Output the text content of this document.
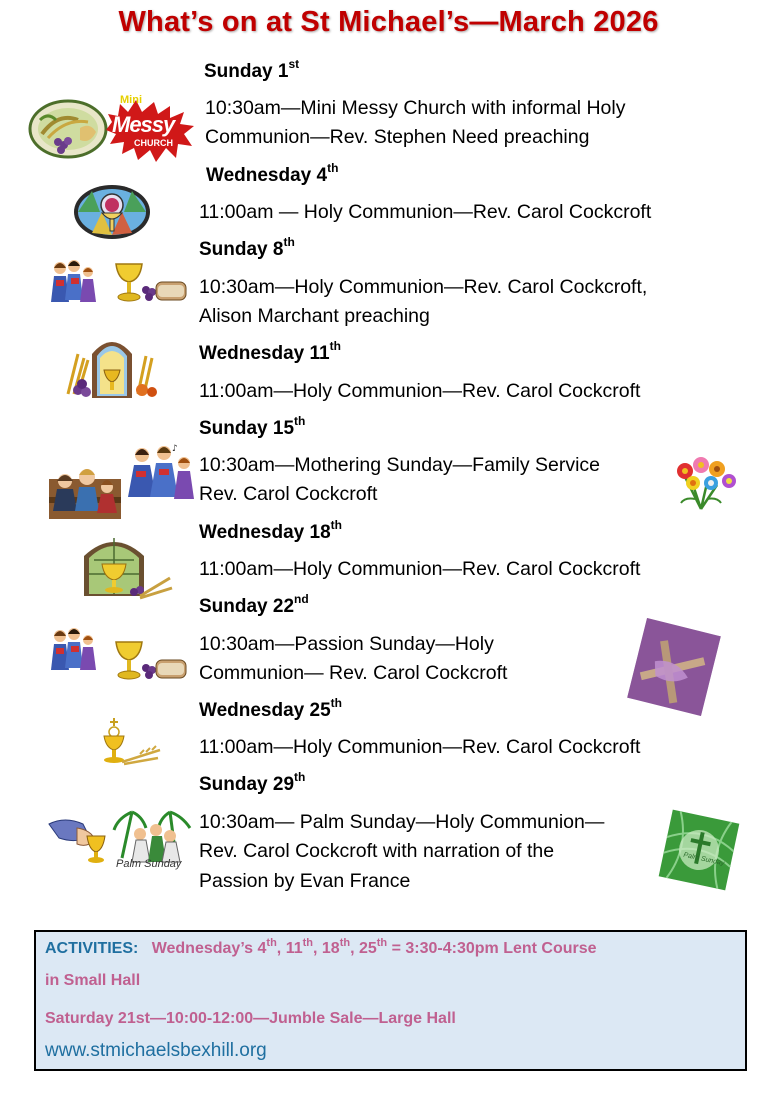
What’s on at St Michael’s—March 2026
Sunday 1st
10:30am—Mini Messy Church with informal Holy
Communion—Rev. Stephen Need preaching
Wednesday 4th
11:00am — Holy Communion—Rev. Carol Cockcroft
Sunday 8th
10:30am—Holy Communion—Rev. Carol Cockcroft,
Alison Marchant preaching
Wednesday 11th
11:00am—Holy Communion—Rev. Carol Cockcroft
Sunday 15th
10:30am—Mothering Sunday—Family Service
Rev. Carol Cockcroft
Wednesday 18th
11:00am—Holy Communion—Rev. Carol Cockcroft
Sunday 22nd
10:30am—Passion Sunday—Holy
Communion— Rev. Carol Cockcroft
Wednesday 25th
11:00am—Holy Communion—Rev. Carol Cockcroft
Sunday 29th
10:30am— Palm Sunday—Holy Communion—
Rev. Carol Cockcroft with narration of the
Passion by Evan France
Mini
Messy
CHURCH
♪
Palm Sunday	Palm Sunday
ACTIVITIES: Wednesday’s 4th, 11th, 18th, 25th = 3:30-4:30pm Lent Course
in Small Hall
Saturday 21st—10:00-12:00—Jumble Sale—Large Hall
www.stmichaelsbexhill.org
